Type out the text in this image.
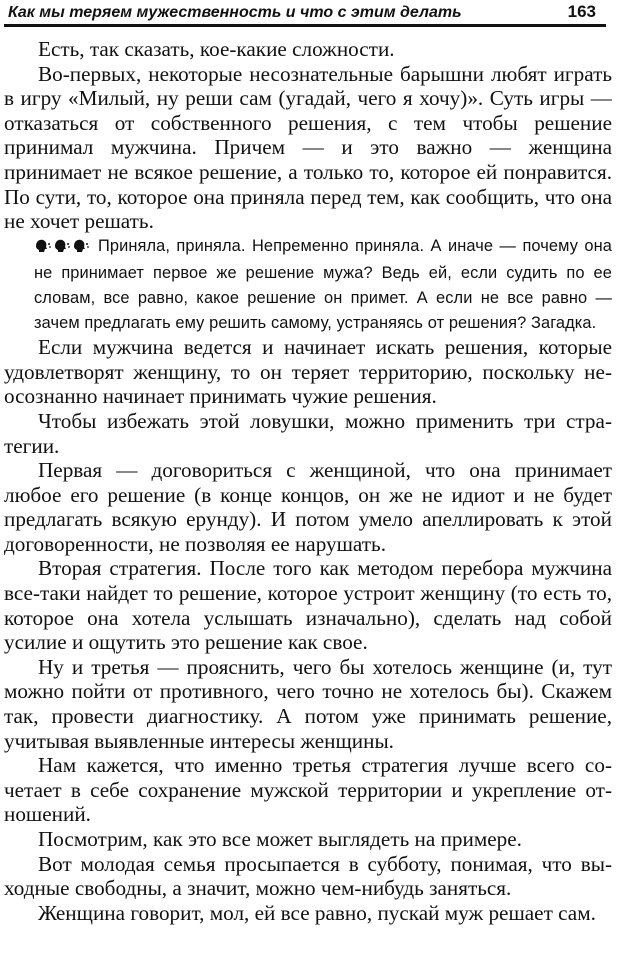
Как мы теряем мужественность и что с этим делать	163

Есть, так сказать, кое-какие сложности.

Во-первых, некоторые несознательные барышни любят играть в игру «Милый, ну реши сам (угадай, чего я хочу)». Суть игры — отказаться от собственного решения, с тем чтобы решение принимал мужчина. Причем — и это важно — женщина принимает не всякое решение, а только то, которое ей понравится. По сути, то, которое она приняла перед тем, как сообщить, что она не хочет решать.

Приняла, приняла. Непременно приняла. А иначе — почему она не принимает первое же решение мужа? Ведь ей, если судить по ее словам, все равно, какое решение он примет. А если не все равно — зачем предлагать ему решить самому, устраняясь от решения? Загадка.

Если мужчина ведется и начинает искать решения, которые удовлетворят женщину, то он теряет территорию, поскольку неосознанно начинает принимать чужие решения.

Чтобы избежать этой ловушки, можно применить три стратегии.

Первая — договориться с женщиной, что она принимает любое его решение (в конце концов, он же не идиот и не будет предлагать всякую ерунду). И потом умело апеллировать к этой договоренности, не позволяя ее нарушать.

Вторая стратегия. После того как методом перебора мужчина все-таки найдет то решение, которое устроит женщину (то есть то, которое она хотела услышать изначально), сделать над собой усилие и ощутить это решение как свое.

Ну и третья — прояснить, чего бы хотелось женщине (и, тут можно пойти от противного, чего точно не хотелось бы). Скажем так, провести диагностику. А потом уже принимать решение, учитывая выявленные интересы женщины.

Нам кажется, что именно третья стратегия лучше всего сочетает в себе сохранение мужской территории и укрепление отношений.

Посмотрим, как это все может выглядеть на примере.

Вот молодая семья просыпается в субботу, понимая, что выходные свободны, а значит, можно чем-нибудь заняться.

Женщина говорит, мол, ей все равно, пускай муж решает сам.
